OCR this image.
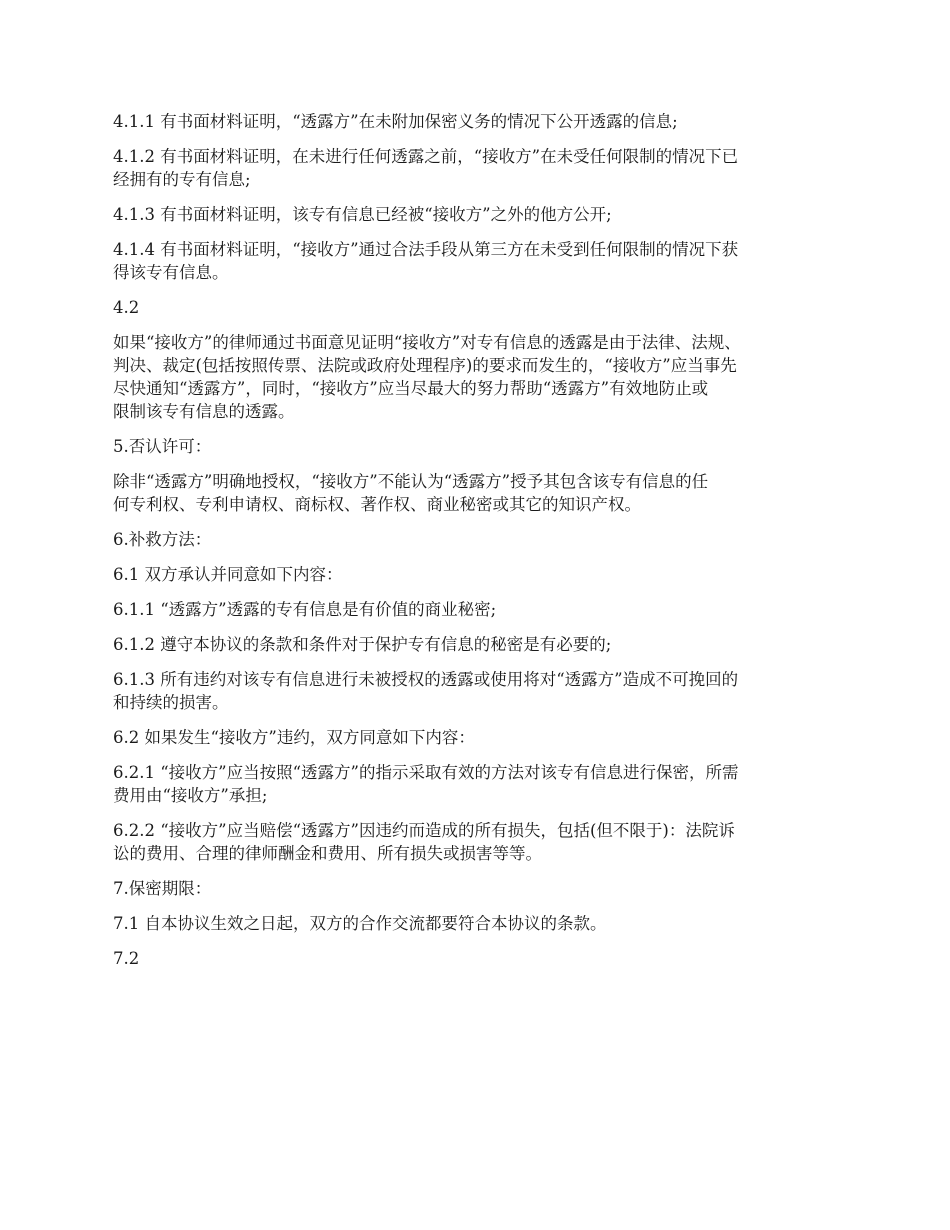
4.1.1 有书面材料证明，“透露方”在未附加保密义务的情况下公开透露的信息;

4.1.2 有书面材料证明，在未进行任何透露之前，“接收方”在未受任何限制的情况下已
经拥有的专有信息;

4.1.3 有书面材料证明，该专有信息已经被“接收方”之外的他方公开;

4.1.4 有书面材料证明，“接收方”通过合法手段从第三方在未受到任何限制的情况下获
得该专有信息。

4.2

如果“接收方”的律师通过书面意见证明“接收方”对专有信息的透露是由于法律、法规、
判决、裁定(包括按照传票、法院或政府处理程序)的要求而发生的，“接收方”应当事先
尽快通知“透露方”，同时，“接收方”应当尽最大的努力帮助“透露方”有效地防止或
限制该专有信息的透露。

5.否认许可：

除非“透露方”明确地授权，“接收方”不能认为“透露方”授予其包含该专有信息的任
何专利权、专利申请权、商标权、著作权、商业秘密或其它的知识产权。

6.补救方法：

6.1 双方承认并同意如下内容：

6.1.1 “透露方”透露的专有信息是有价值的商业秘密;

6.1.2 遵守本协议的条款和条件对于保护专有信息的秘密是有必要的;

6.1.3 所有违约对该专有信息进行未被授权的透露或使用将对“透露方”造成不可挽回的
和持续的损害。

6.2 如果发生“接收方”违约，双方同意如下内容：

6.2.1 “接收方”应当按照“透露方”的指示采取有效的方法对该专有信息进行保密，所需
费用由“接收方”承担;

6.2.2 “接收方”应当赔偿“透露方”因违约而造成的所有损失，包括(但不限于)：法院诉
讼的费用、合理的律师酬金和费用、所有损失或损害等等。

7.保密期限：

7.1 自本协议生效之日起，双方的合作交流都要符合本协议的条款。

7.2
